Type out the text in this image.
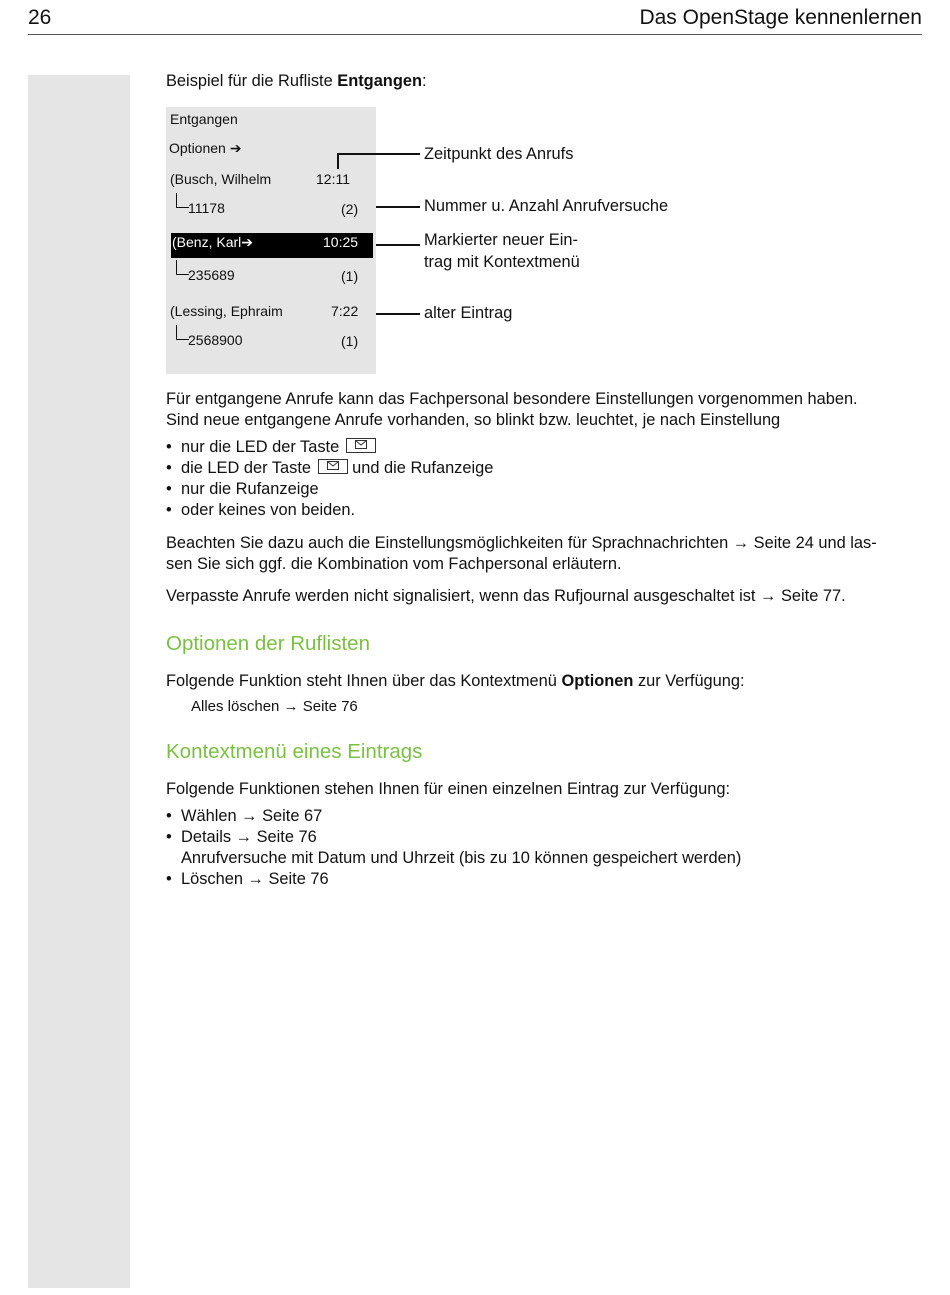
26	Das OpenStage kennenlernen

Beispiel für die Rufliste Entgangen:

Entgangen
Optionen ➔
(Busch, Wilhelm	12:11
11178	(2)
(Benz, Karl➔	10:25
235689	(1)
(Lessing, Ephraim	7:22
2568900	(1)
Zeitpunkt des Anrufs
Nummer u. Anzahl Anrufversuche
Markierter neuer Ein-
trag mit Kontextmenü
alter Eintrag

Für entgangene Anrufe kann das Fachpersonal besondere Einstellungen vorgenommen haben.

Sind neue entgangene Anrufe vorhanden, so blinkt bzw. leuchtet, je nach Einstellung

• nur die LED der Taste
• die LED der Taste
und die Rufanzeige
• nur die Rufanzeige
• oder keines von beiden.

Beachten Sie dazu auch die Einstellungsmöglichkeiten für Sprachnachrichten → Seite 24 und las-

sen Sie sich ggf. die Kombination vom Fachpersonal erläutern.

Verpasste Anrufe werden nicht signalisiert, wenn das Rufjournal ausgeschaltet ist → Seite 77.

Optionen der Ruflisten

Folgende Funktion steht Ihnen über das Kontextmenü Optionen zur Verfügung:

Alles löschen → Seite 76
Kontextmenü eines Eintrags

Folgende Funktionen stehen Ihnen für einen einzelnen Eintrag zur Verfügung:

• Wählen → Seite 67
• Details → Seite 76
Anrufversuche mit Datum und Uhrzeit (bis zu 10 können gespeichert werden)
• Löschen → Seite 76
